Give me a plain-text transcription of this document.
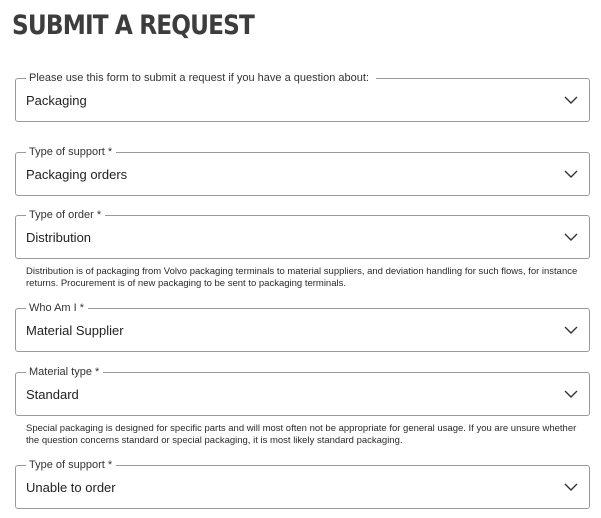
SUBMIT A REQUEST
Please use this form to submit a request if you have a question about:
Packaging
Type of support *
Packaging orders
Type of order *
Distribution
Distribution is of packaging from Volvo packaging terminals to material suppliers, and deviation handling for such flows, for instance returns. Procurement is of new packaging to be sent to packaging terminals.
Who Am I *
Material Supplier
Material type *
Standard
Special packaging is designed for specific parts and will most often not be appropriate for general usage. If you are unsure whether the question concerns standard or special packaging, it is most likely standard packaging.
Type of support *
Unable to order
